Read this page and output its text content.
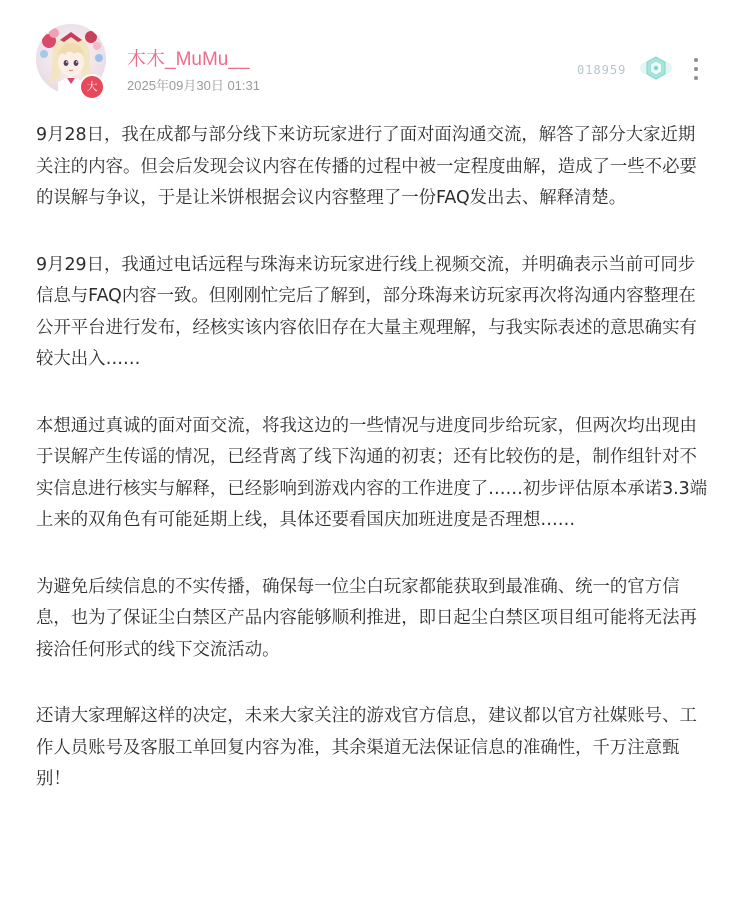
大
木木_MuMu__
2025年09月30日 01:31
018959

9月28日，我在成都与部分线下来访玩家进行了面对面沟通交流，解答了部分大家近期关注的内容。但会后发现会议内容在传播的过程中被一定程度曲解，造成了一些不必要的误解与争议，于是让米饼根据会议内容整理了一份FAQ发出去、解释清楚。

9月29日，我通过电话远程与珠海来访玩家进行线上视频交流，并明确表示当前可同步信息与FAQ内容一致。但刚刚忙完后了解到，部分珠海来访玩家再次将沟通内容整理在公开平台进行发布，经核实该内容依旧存在大量主观理解，与我实际表述的意思确实有较大出入……

本想通过真诚的面对面交流，将我这边的一些情况与进度同步给玩家，但两次均出现由于误解产生传谣的情况，已经背离了线下沟通的初衷；还有比较伤的是，制作组针对不实信息进行核实与解释，已经影响到游戏内容的工作进度了……初步评估原本承诺3.3端上来的双角色有可能延期上线，具体还要看国庆加班进度是否理想……

为避免后续信息的不实传播，确保每一位尘白玩家都能获取到最准确、统一的官方信息，也为了保证尘白禁区产品内容能够顺利推进，即日起尘白禁区项目组可能将无法再接洽任何形式的线下交流活动。

还请大家理解这样的决定，未来大家关注的游戏官方信息，建议都以官方社媒账号、工作人员账号及客服工单回复内容为准，其余渠道无法保证信息的准确性，千万注意甄别！
